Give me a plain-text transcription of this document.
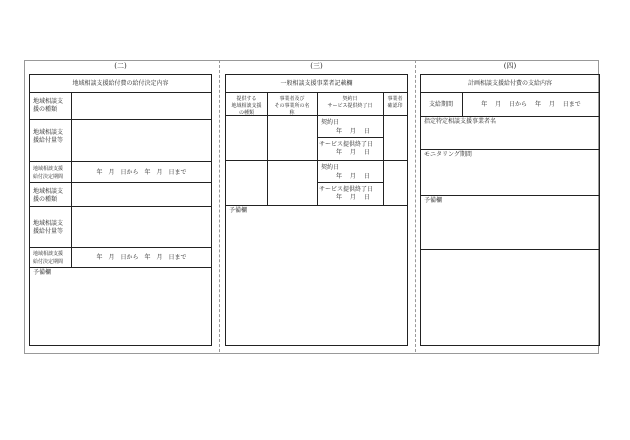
(二)
地域相談支援給付費の給付決定内容
地域相談支
援の種類
地域相談支
援給付量等
地域相談支援
給付決定期間
年　月　日から　年　月　日まで
地域相談支
援の種類
地域相談支
援給付量等
地域相談支援
給付決定期間
年　月　日から　年　月　日まで
予備欄
(三)
一般相談支援事業者記載欄
提供する
地域相談支援
の種類
事業者及び
その事業所の名
称
契約日
サービス提供終了日
事業者
確認印
契約日
年　 月　 日
サービス提供終了日
年　 月　 日
契約日
年　 月　 日
サービス提供終了日
年　 月　 日
予備欄
(四)
計画相談支援給付費の支給内容
支給期間	年　 月　 日から　 年　 月　 日まで
指定特定相談支援事業者名
モニタリング期間
予備欄
